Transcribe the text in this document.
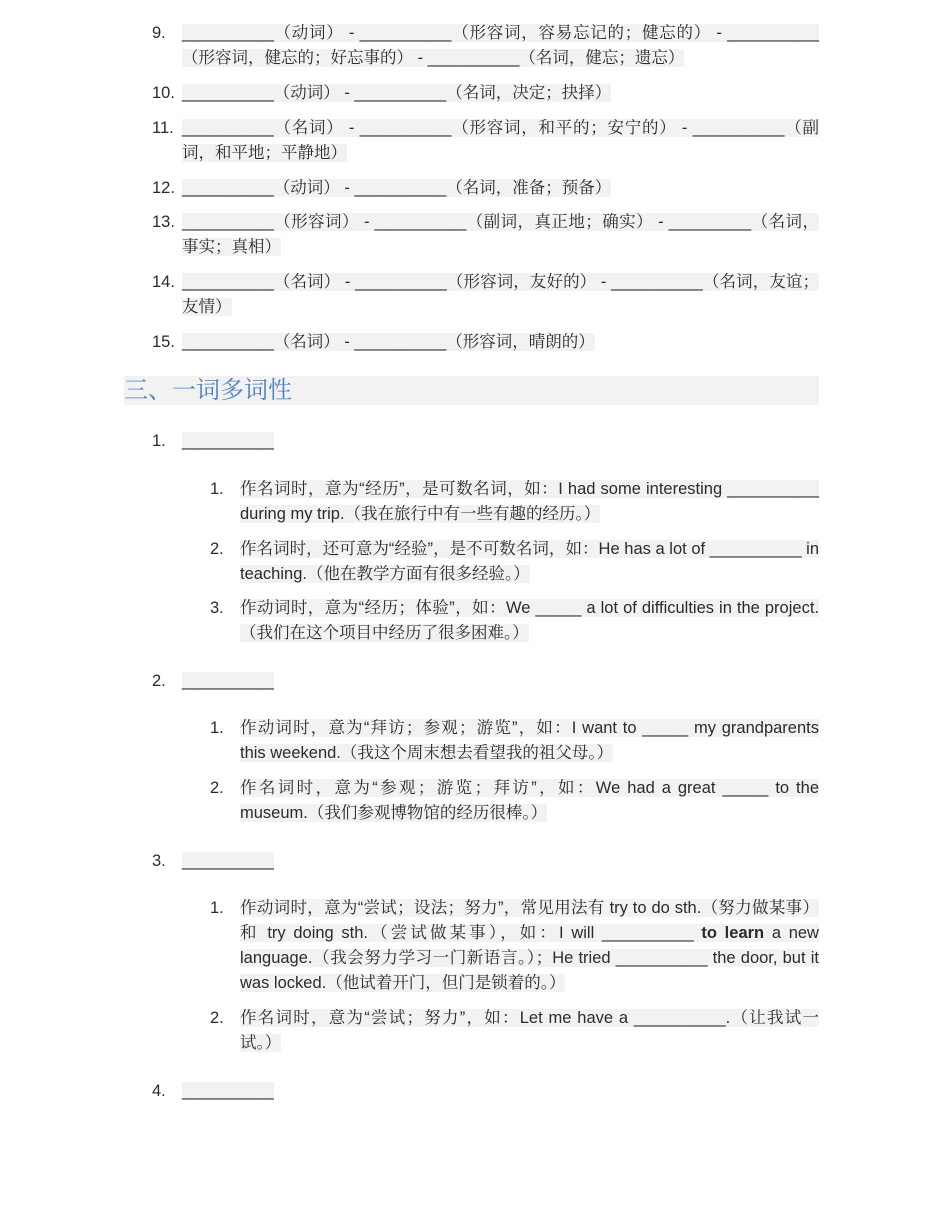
9. __________（动词） - __________（形容词，容易忘记的；健忘的） - __________（形容词，健忘的；好忘事的） - __________（名词，健忘；遗忘）
10. __________（动词） - __________（名词，决定；抉择）
11. __________（名词） - __________（形容词，和平的；安宁的） - __________（副词，和平地；平静地）
12. __________（动词） - __________（名词，准备；预备）
13. __________（形容词） - __________（副词，真正地；确实） - _________（名词，事实；真相）
14. __________（名词） - __________（形容词，友好的） - __________（名词，友谊；友情）
15. __________（名词） - __________（形容词，晴朗的）
三、一词多词性
1. __________
1. 作名词时，意为“经历”，是可数名词，如：I had some interesting __________ during my trip.（我在旅行中有一些有趣的经历。）
2. 作名词时，还可意为“经验”，是不可数名词，如：He has a lot of __________ in teaching.（他在教学方面有很多经验。）
3. 作动词时，意为“经历；体验”，如：We _____ a lot of difficulties in the project.（我们在这个项目中经历了很多困难。）
2. __________
1. 作动词时，意为“拜访；参观；游览”，如：I want to _____ my grandparents this weekend.（我这个周末想去看望我的祖父母。）
2. 作名词时，意为“参观；游览；拜访”，如：We had a great _____ to the museum.（我们参观博物馆的经历很棒。）
3. __________
1. 作动词时，意为“尝试；设法；努力”，常见用法有 try to do sth.（努力做某事）和 try doing sth.（尝试做某事），如：I will __________ to learn a new language.（我会努力学习一门新语言。）；He tried __________ the door, but it was locked.（他试着开门，但门是锁着的。）
2. 作名词时，意为“尝试；努力”，如：Let me have a __________.（让我试一试。）
4. __________
